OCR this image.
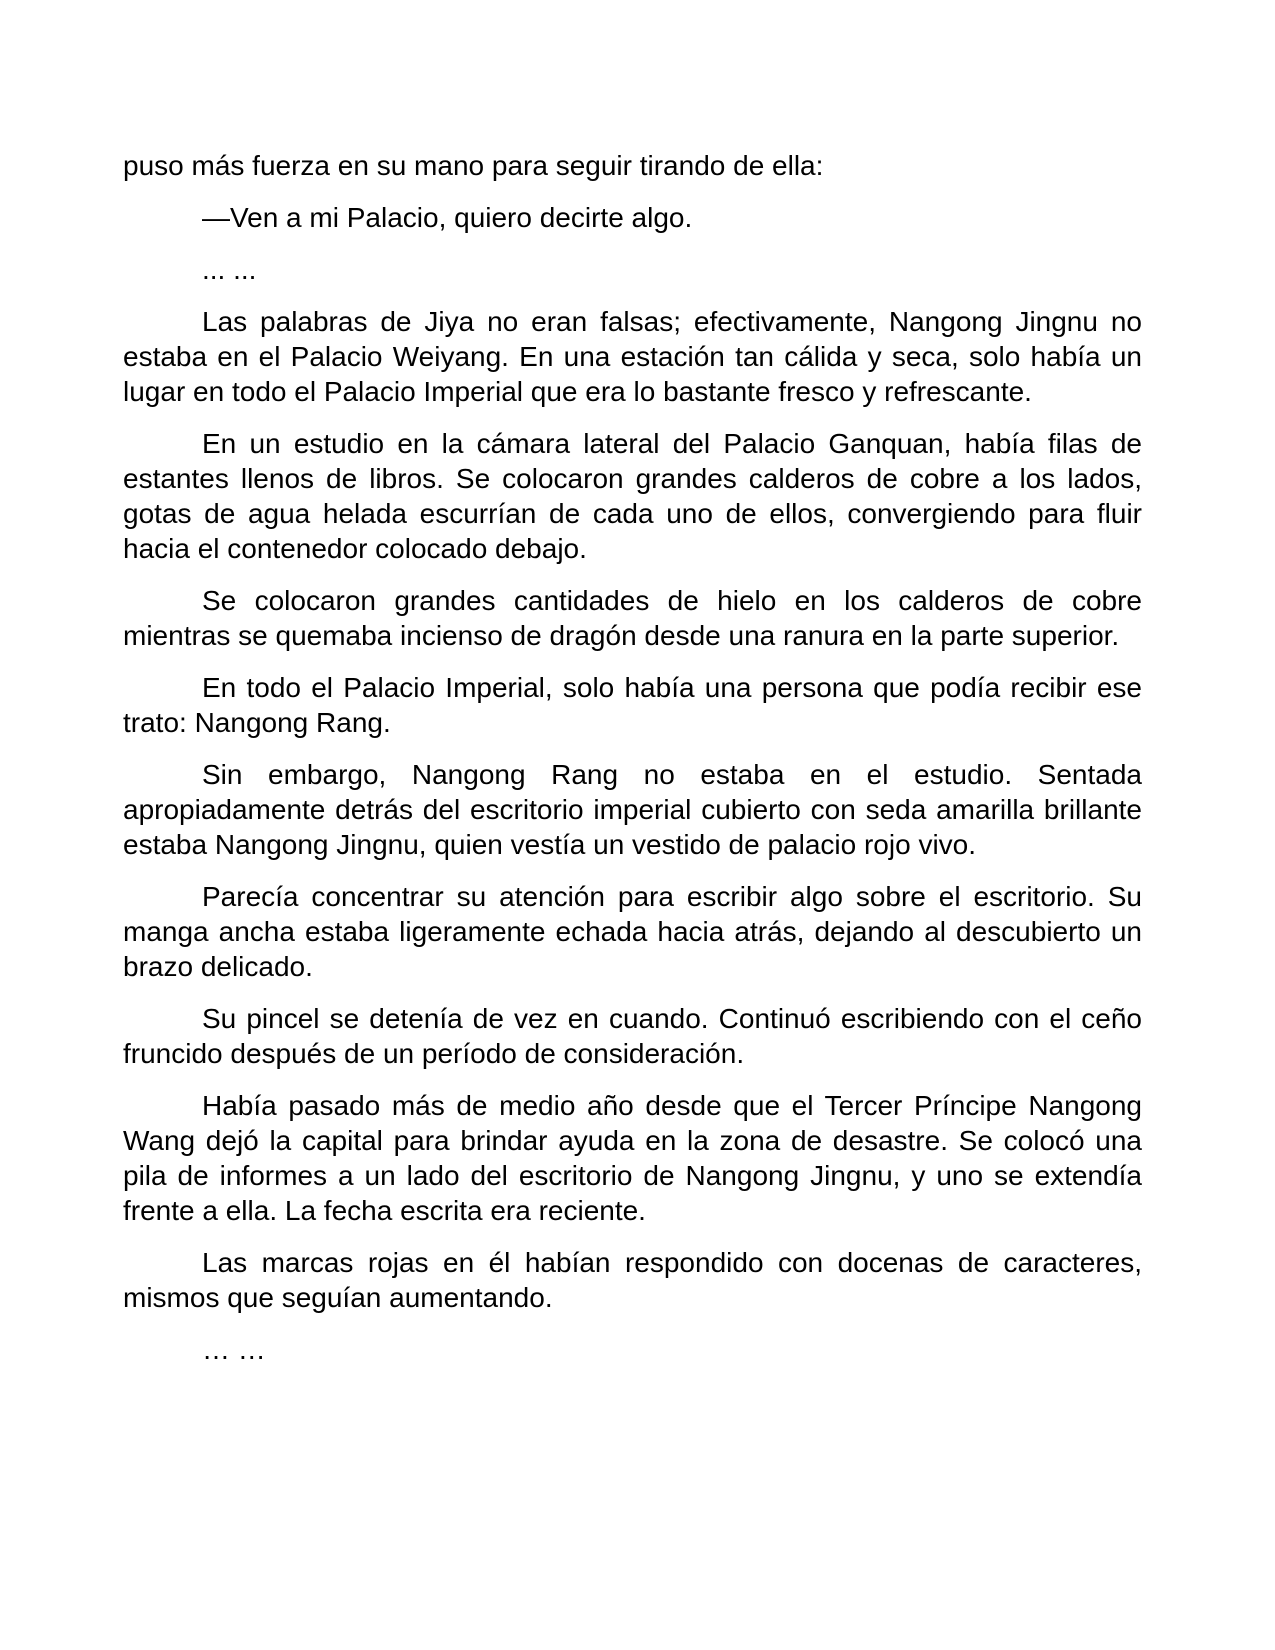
puso más fuerza en su mano para seguir tirando de ella:

—Ven a mi Palacio, quiero decirte algo.

... ...

Las palabras de Jiya no eran falsas; efectivamente, Nangong Jingnu no estaba en el Palacio Weiyang. En una estación tan cálida y seca, solo había un lugar en todo el Palacio Imperial que era lo bastante fresco y refrescante.

En un estudio en la cámara lateral del Palacio Ganquan, había filas de estantes llenos de libros. Se colocaron grandes calderos de cobre a los lados, gotas de agua helada escurrían de cada uno de ellos, convergiendo para fluir hacia el contenedor colocado debajo.

Se colocaron grandes cantidades de hielo en los calderos de cobre mientras se quemaba incienso de dragón desde una ranura en la parte superior.

En todo el Palacio Imperial, solo había una persona que podía recibir ese trato: Nangong Rang.

Sin embargo, Nangong Rang no estaba en el estudio. Sentada apropiadamente detrás del escritorio imperial cubierto con seda amarilla brillante estaba Nangong Jingnu, quien vestía un vestido de palacio rojo vivo.

Parecía concentrar su atención para escribir algo sobre el escritorio. Su manga ancha estaba ligeramente echada hacia atrás, dejando al descubierto un brazo delicado.

Su pincel se detenía de vez en cuando. Continuó escribiendo con el ceño fruncido después de un período de consideración.

Había pasado más de medio año desde que el Tercer Príncipe Nangong Wang dejó la capital para brindar ayuda en la zona de desastre. Se colocó una pila de informes a un lado del escritorio de Nangong Jingnu, y uno se extendía frente a ella. La fecha escrita era reciente.

Las marcas rojas en él habían respondido con docenas de caracteres, mismos que seguían aumentando.

… …
